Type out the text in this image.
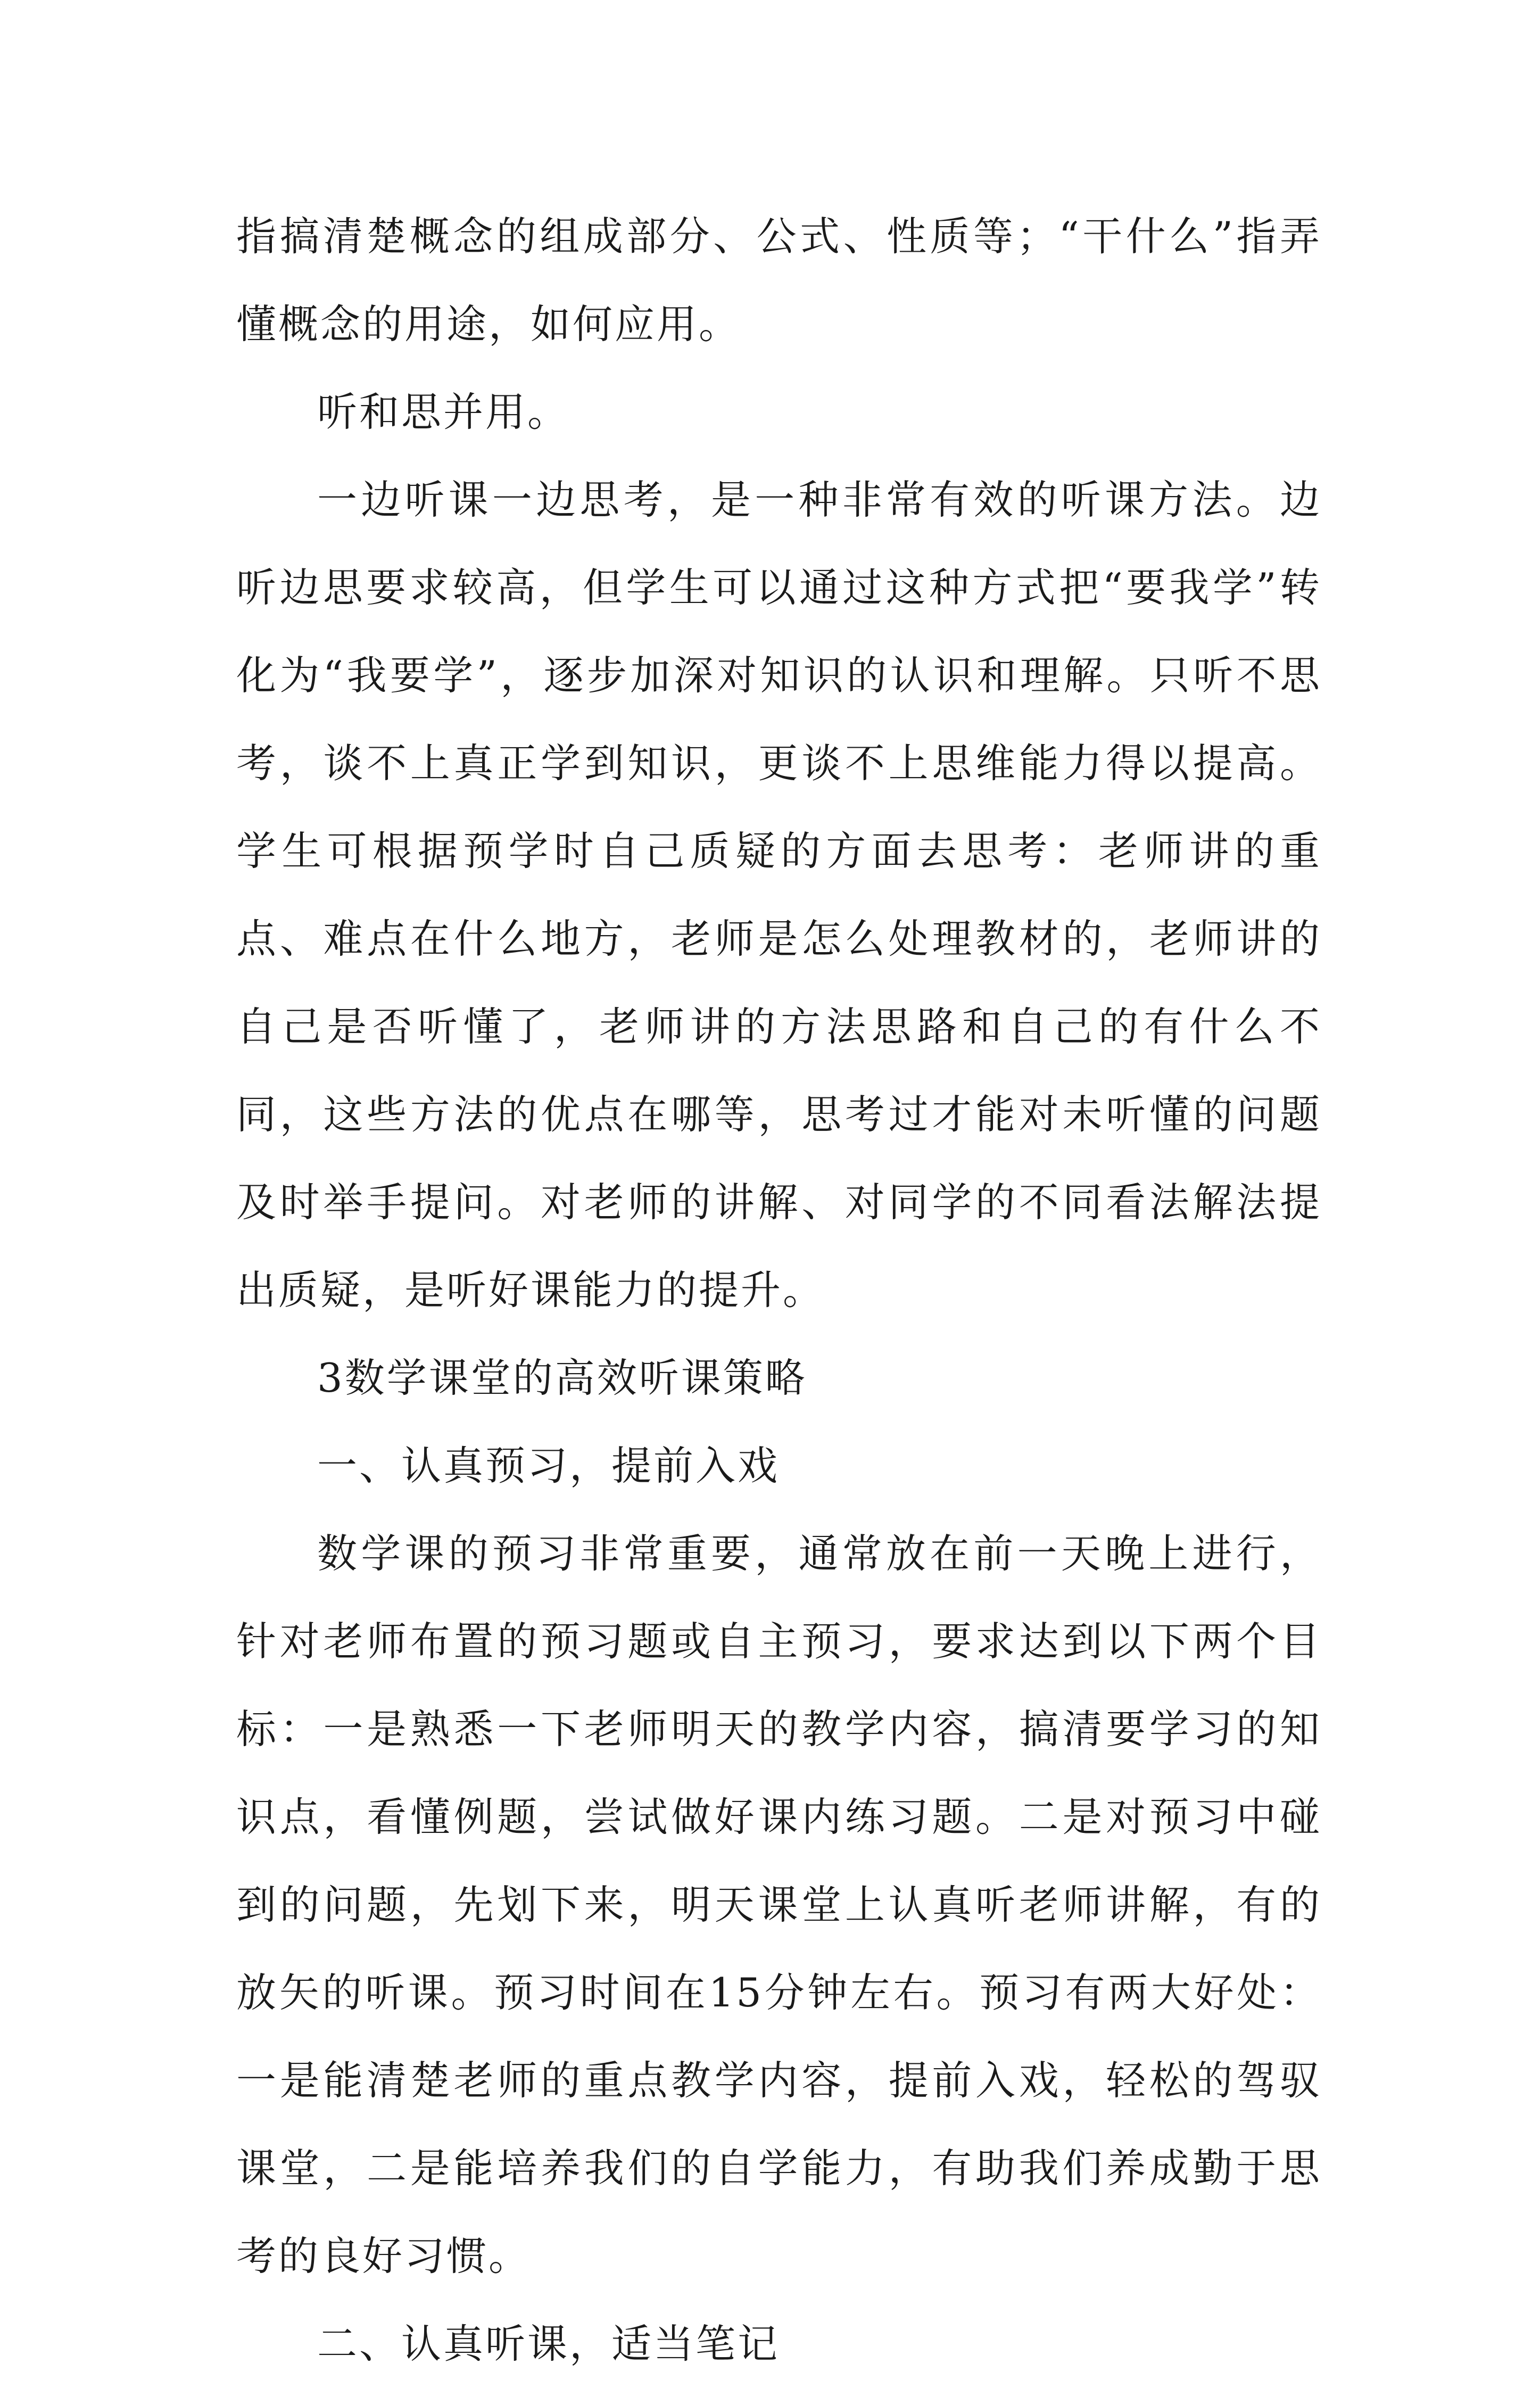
指搞清楚概念的组成部分、公式、性质等；“干什么”指弄懂概念的用途，如何应用。

听和思并用。

一边听课一边思考，是一种非常有效的听课方法。边听边思要求较高，但学生可以通过这种方式把“要我学”转化为“我要学”，逐步加深对知识的认识和理解。只听不思考，谈不上真正学到知识，更谈不上思维能力得以提高。学生可根据预学时自己质疑的方面去思考：老师讲的重点、难点在什么地方，老师是怎么处理教材的，老师讲的自己是否听懂了，老师讲的方法思路和自己的有什么不同，这些方法的优点在哪等，思考过才能对未听懂的问题及时举手提问。对老师的讲解、对同学的不同看法解法提出质疑，是听好课能力的提升。

3数学课堂的高效听课策略

一、认真预习，提前入戏

数学课的预习非常重要，通常放在前一天晚上进行，针对老师布置的预习题或自主预习，要求达到以下两个目标：一是熟悉一下老师明天的教学内容，搞清要学习的知识点，看懂例题，尝试做好课内练习题。二是对预习中碰到的问题，先划下来，明天课堂上认真听老师讲解，有的放矢的听课。预习时间在15分钟左右。预习有两大好处：一是能清楚老师的重点教学内容，提前入戏，轻松的驾驭课堂，二是能培养我们的自学能力，有助我们养成勤于思考的良好习惯。

二、认真听课，适当笔记
